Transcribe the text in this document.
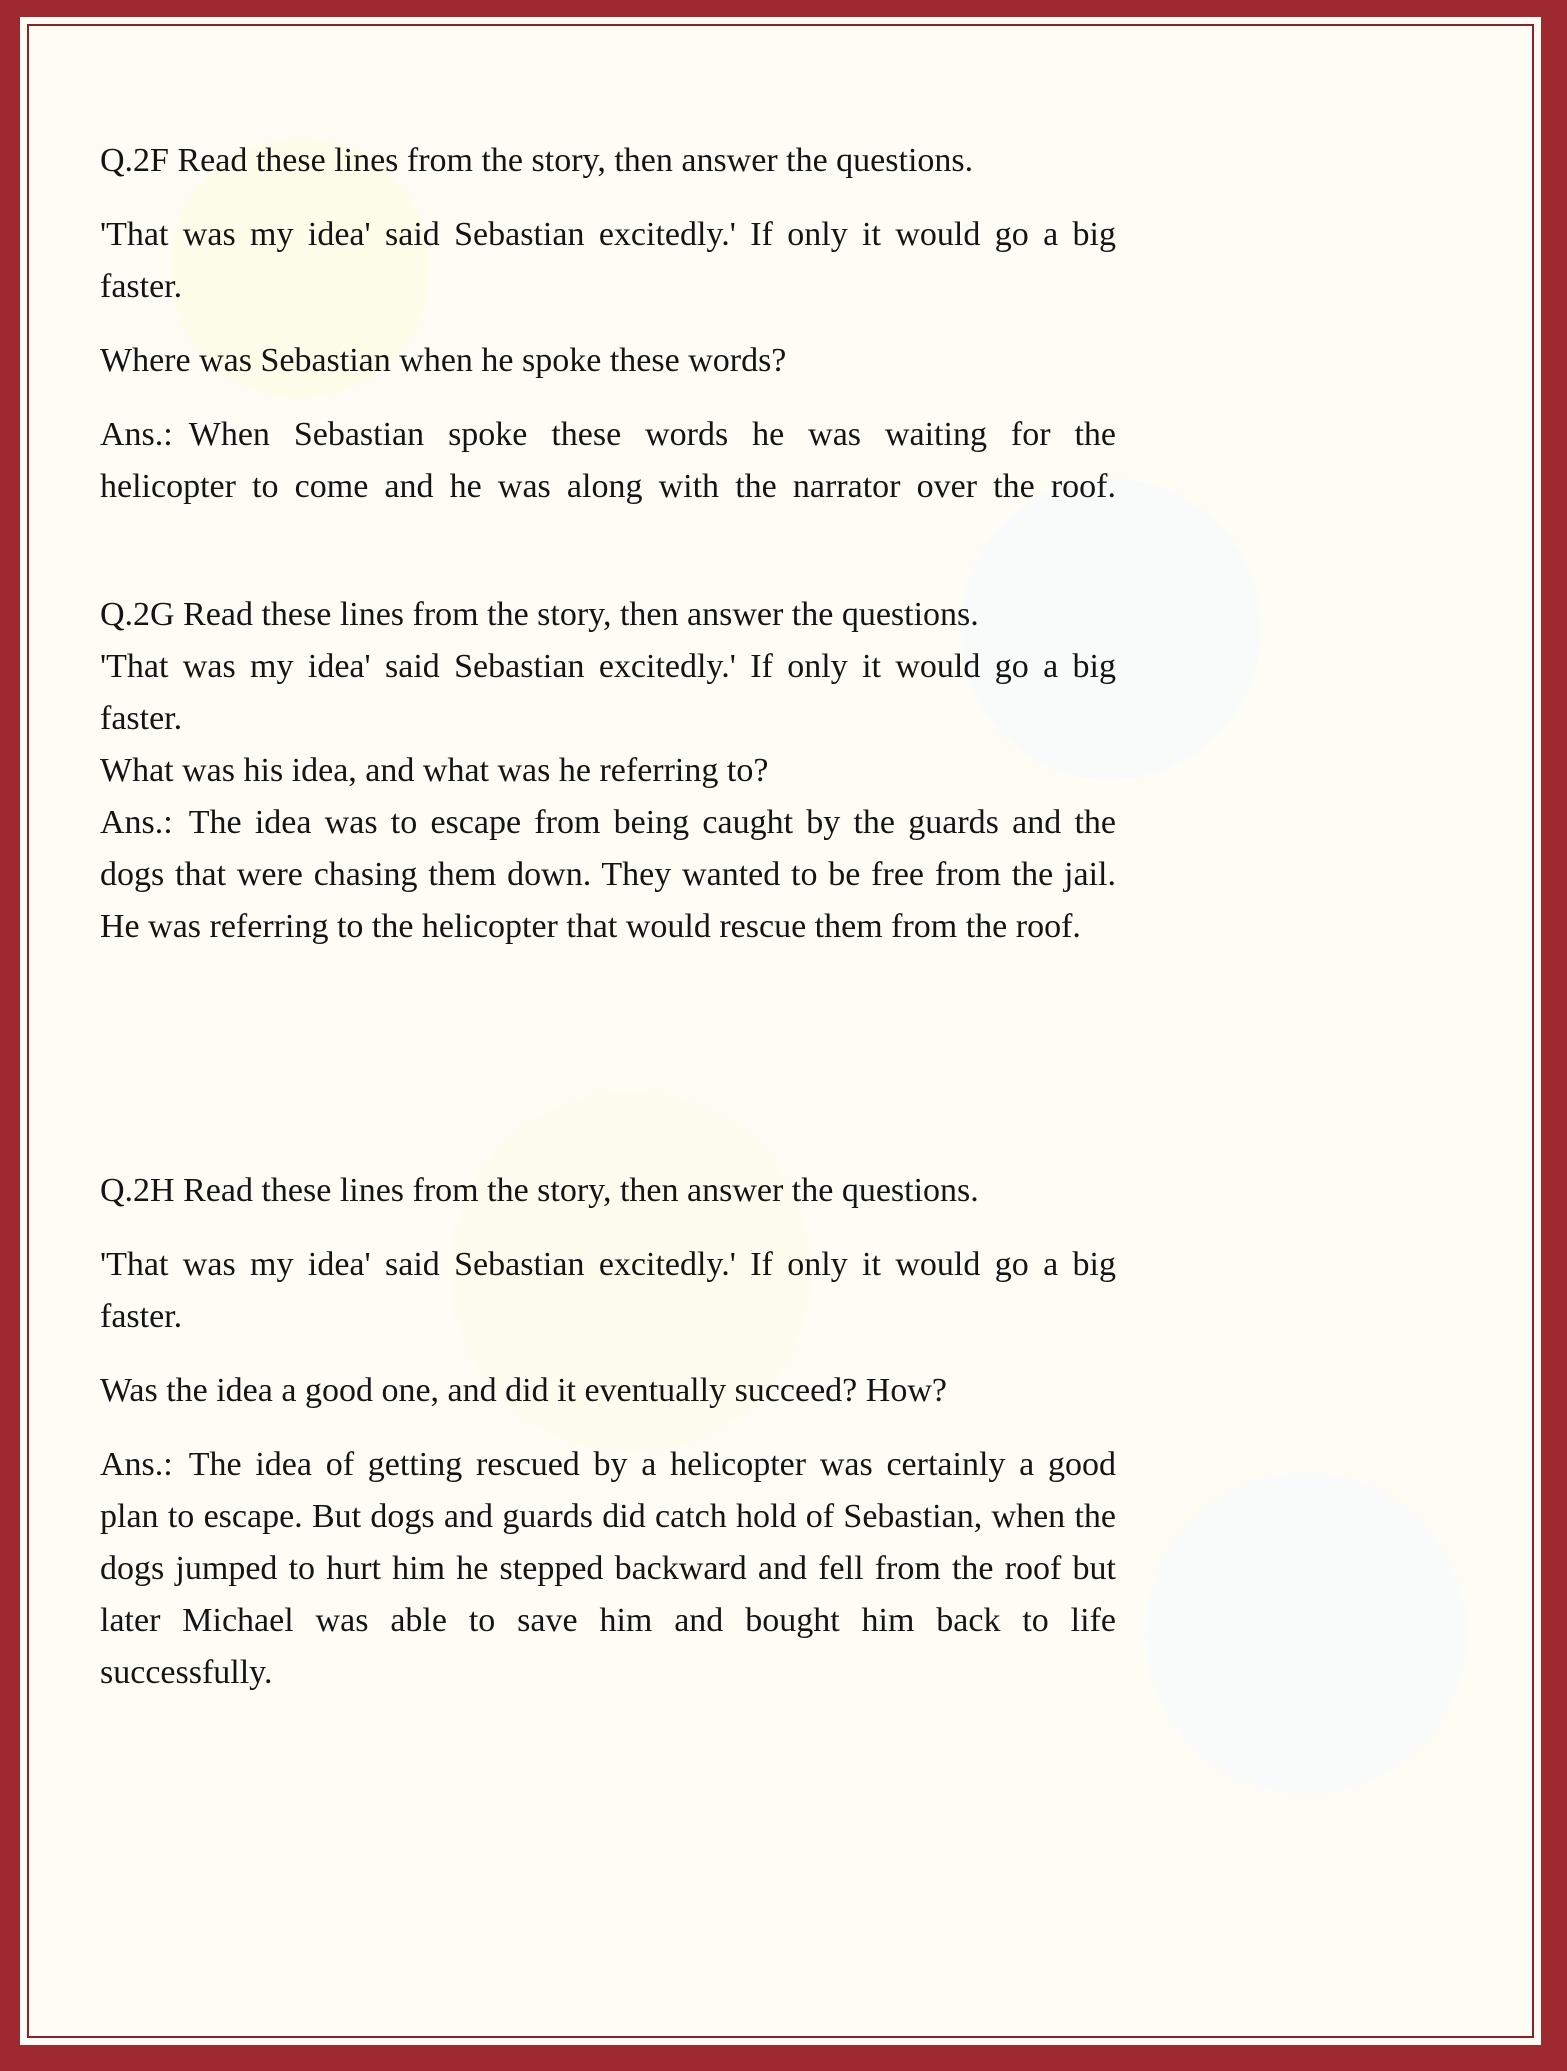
Q.2F Read these lines from the story, then answer the questions.

'That was my idea' said Sebastian excitedly.' If only it would go a big faster.

Where was Sebastian when he spoke these words?

Ans.: When Sebastian spoke these words he was waiting for the helicopter to come and he was along with the narrator over the roof.

Q.2G Read these lines from the story, then answer the questions.

'That was my idea' said Sebastian excitedly.' If only it would go a big faster.

What was his idea, and what was he referring to?

Ans.: The idea was to escape from being caught by the guards and the dogs that were chasing them down. They wanted to be free from the jail. He was referring to the helicopter that would rescue them from the roof.

Q.2H Read these lines from the story, then answer the questions.

'That was my idea' said Sebastian excitedly.' If only it would go a big faster.

Was the idea a good one, and did it eventually succeed? How?

Ans.: The idea of getting rescued by a helicopter was certainly a good plan to escape. But dogs and guards did catch hold of Sebastian, when the dogs jumped to hurt him he stepped backward and fell from the roof but later Michael was able to save him and bought him back to life successfully.
